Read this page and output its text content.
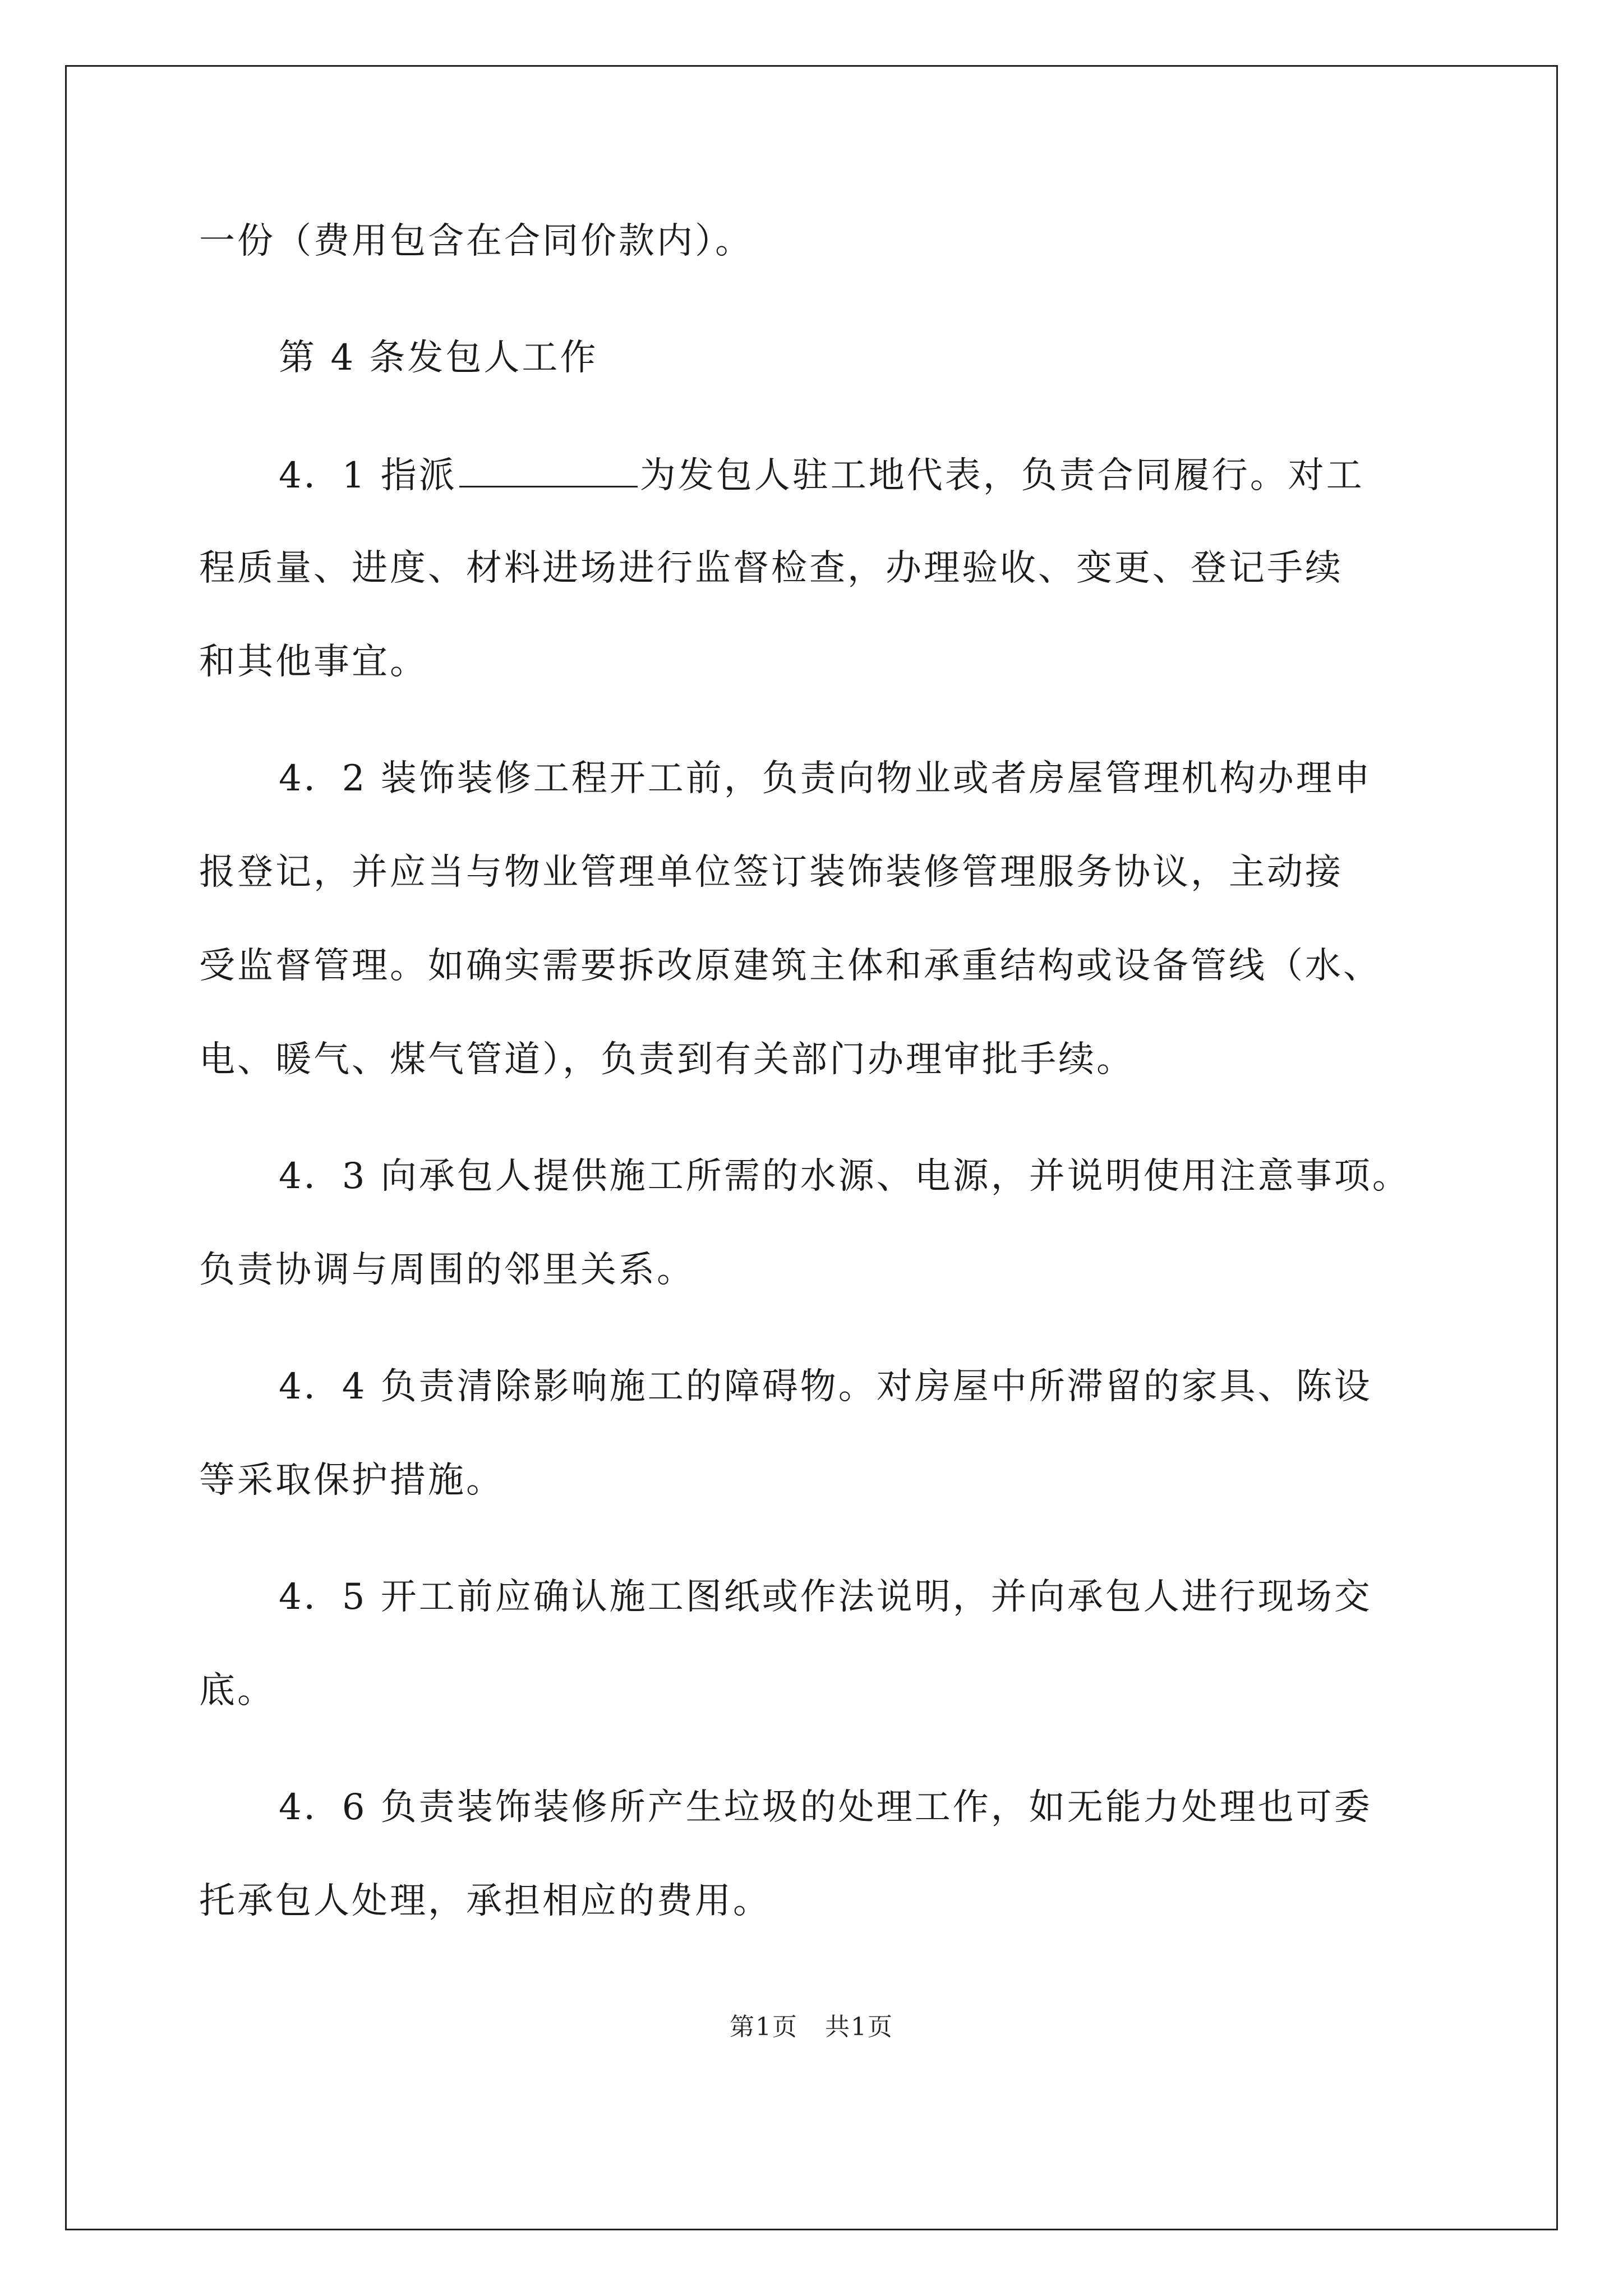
一份（费用包含在合同价款内）。
第 4 条发包人工作
4．1 指派	为发包人驻工地代表，负责合同履行。对工
程质量、进度、材料进场进行监督检查，办理验收、变更、登记手续
和其他事宜。
4．2 装饰装修工程开工前，负责向物业或者房屋管理机构办理申
报登记，并应当与物业管理单位签订装饰装修管理服务协议，主动接
受监督管理。如确实需要拆改原建筑主体和承重结构或设备管线（水、
电、暖气、煤气管道），负责到有关部门办理审批手续。
4．3 向承包人提供施工所需的水源、电源，并说明使用注意事项。
负责协调与周围的邻里关系。
4．4 负责清除影响施工的障碍物。对房屋中所滞留的家具、陈设
等采取保护措施。
4．5 开工前应确认施工图纸或作法说明，并向承包人进行现场交
底。
4．6 负责装饰装修所产生垃圾的处理工作，如无能力处理也可委
托承包人处理，承担相应的费用。
第1页 共1页
